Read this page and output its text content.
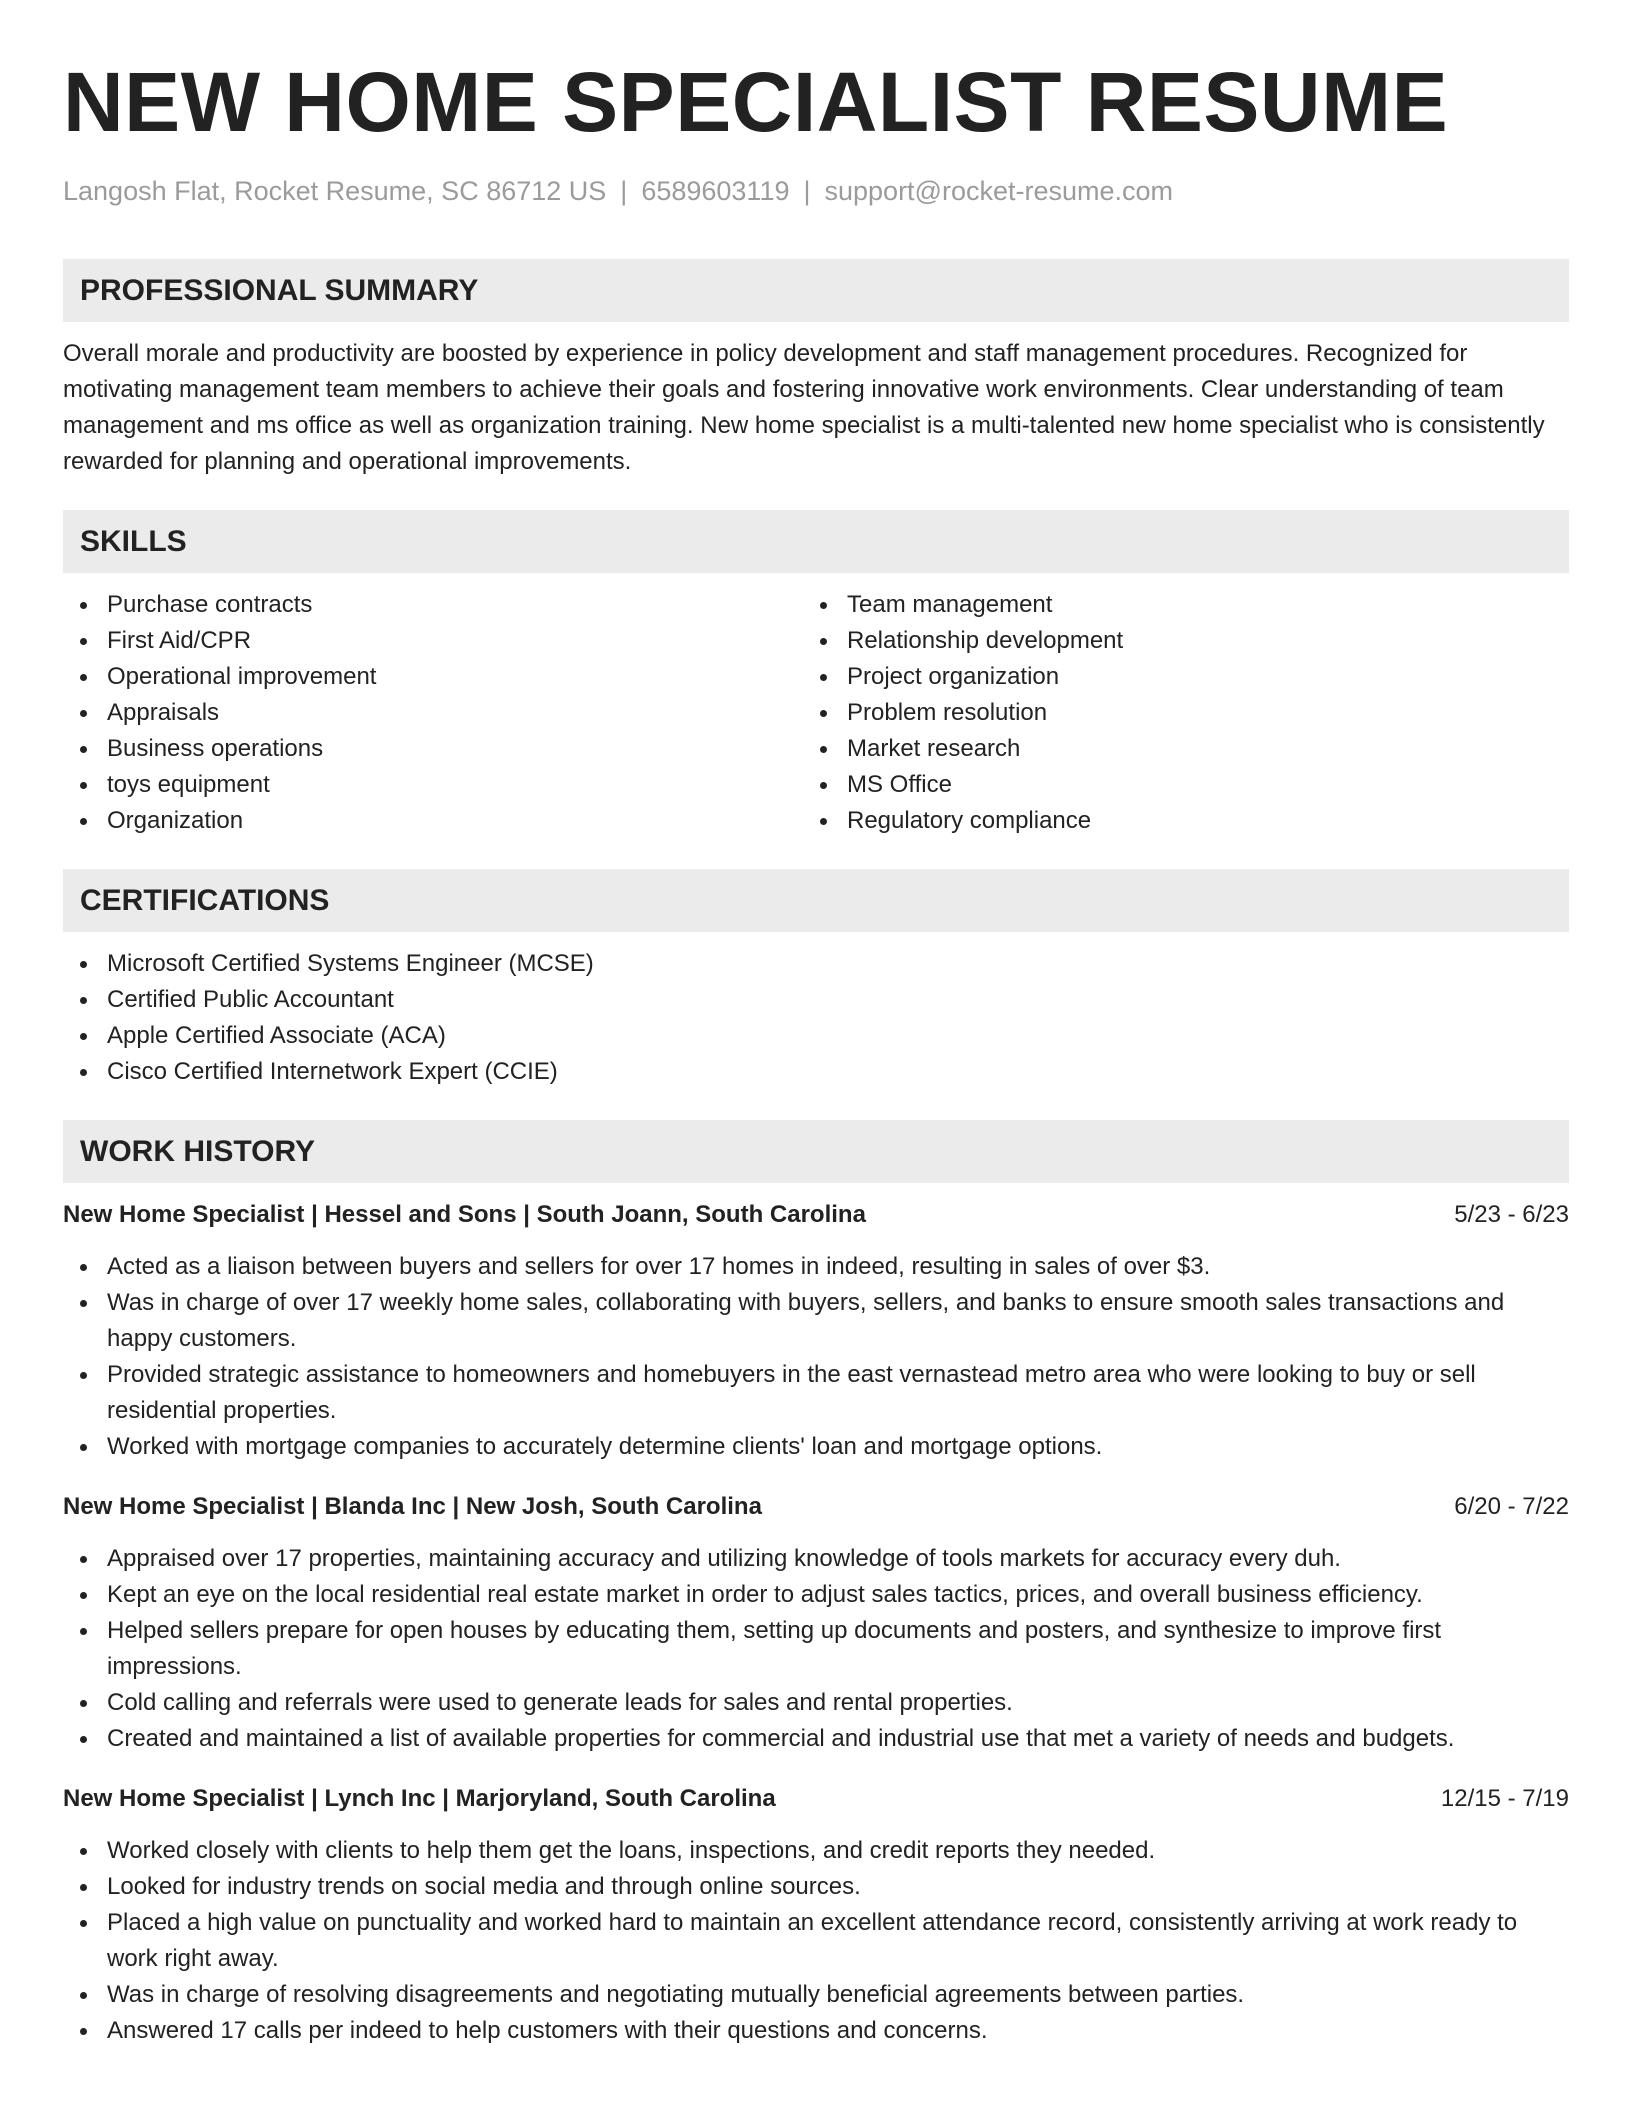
NEW HOME SPECIALIST RESUME
Langosh Flat, Rocket Resume, SC 86712 US | 6589603119 | support@rocket-resume.com
PROFESSIONAL SUMMARY
Overall morale and productivity are boosted by experience in policy development and staff management procedures. Recognized for motivating management team members to achieve their goals and fostering innovative work environments. Clear understanding of team management and ms office as well as organization training. New home specialist is a multi-talented new home specialist who is consistently rewarded for planning and operational improvements.
SKILLS
Purchase contracts
First Aid/CPR
Operational improvement
Appraisals
Business operations
toys equipment
Organization
Team management
Relationship development
Project organization
Problem resolution
Market research
MS Office
Regulatory compliance
CERTIFICATIONS
Microsoft Certified Systems Engineer (MCSE)
Certified Public Accountant
Apple Certified Associate (ACA)
Cisco Certified Internetwork Expert (CCIE)
WORK HISTORY
New Home Specialist | Hessel and Sons | South Joann, South Carolina	5/23 - 6/23
Acted as a liaison between buyers and sellers for over 17 homes in indeed, resulting in sales of over $3.
Was in charge of over 17 weekly home sales, collaborating with buyers, sellers, and banks to ensure smooth sales transactions and happy customers.
Provided strategic assistance to homeowners and homebuyers in the east vernastead metro area who were looking to buy or sell residential properties.
Worked with mortgage companies to accurately determine clients' loan and mortgage options.
New Home Specialist | Blanda Inc | New Josh, South Carolina	6/20 - 7/22
Appraised over 17 properties, maintaining accuracy and utilizing knowledge of tools markets for accuracy every duh.
Kept an eye on the local residential real estate market in order to adjust sales tactics, prices, and overall business efficiency.
Helped sellers prepare for open houses by educating them, setting up documents and posters, and synthesize to improve first impressions.
Cold calling and referrals were used to generate leads for sales and rental properties.
Created and maintained a list of available properties for commercial and industrial use that met a variety of needs and budgets.
New Home Specialist | Lynch Inc | Marjoryland, South Carolina	12/15 - 7/19
Worked closely with clients to help them get the loans, inspections, and credit reports they needed.
Looked for industry trends on social media and through online sources.
Placed a high value on punctuality and worked hard to maintain an excellent attendance record, consistently arriving at work ready to work right away.
Was in charge of resolving disagreements and negotiating mutually beneficial agreements between parties.
Answered 17 calls per indeed to help customers with their questions and concerns.
